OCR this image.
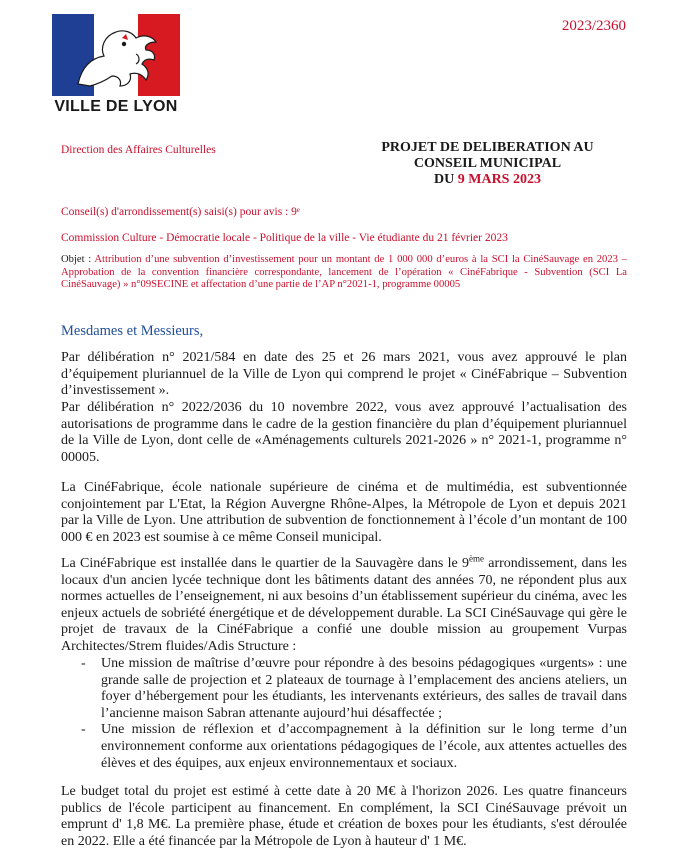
VILLE DE LYON
2023/2360
Direction des Affaires Culturelles	PROJET DE DELIBERATION AU
CONSEIL MUNICIPAL
DU 9 MARS 2023
Conseil(s) d'arrondissement(s) saisi(s) pour avis : 9ᵉ
Commission Culture - Démocratie locale - Politique de la ville - Vie étudiante du 21 février 2023
Objet : Attribution d’une subvention d’investissement pour un montant de 1 000 000 d’euros à la SCI la CinéSauvage en 2023 – Approbation de la convention financière correspondante, lancement de l’opération « CinéFabrique - Subvention (SCI La CinéSauvage) » n°09SECINE et affectation d’une partie de l’AP n°2021-1, programme 00005
Mesdames et Messieurs,

Par délibération n° 2021/584 en date des 25 et 26 mars 2021, vous avez approuvé le plan d’équipement pluriannuel de la Ville de Lyon qui comprend le projet « CinéFabrique – Subvention d’investissement ».

Par délibération n° 2022/2036 du 10 novembre 2022, vous avez approuvé l’actualisation des autorisations de programme dans le cadre de la gestion financière du plan d’équipement pluriannuel de la Ville de Lyon, dont celle de «Aménagements culturels 2021-2026 » n° 2021-1, programme n° 00005.

La CinéFabrique, école nationale supérieure de cinéma et de multimédia, est subventionnée conjointement par L'Etat, la Région Auvergne Rhône-Alpes, la Métropole de Lyon et depuis 2021 par la Ville de Lyon. Une attribution de subvention de fonctionnement à l’école d’un montant de 100 000 € en 2023 est soumise à ce même Conseil municipal.

La CinéFabrique est installée dans le quartier de la Sauvagère dans le 9ème arrondissement, dans les locaux d'un ancien lycée technique dont les bâtiments datant des années 70, ne répondent plus aux normes actuelles de l’enseignement, ni aux besoins d’un établissement supérieur du cinéma, avec les enjeux actuels de sobriété énergétique et de développement durable. La SCI CinéSauvage qui gère le projet de travaux de la CinéFabrique a confié une double mission au groupement Vurpas Architectes/Strem fluides/Adis Structure :

- Une mission de maîtrise d’œuvre pour répondre à des besoins pédagogiques «urgents» : une grande salle de projection et 2 plateaux de tournage à l’emplacement des anciens ateliers, un foyer d’hébergement pour les étudiants, les intervenants extérieurs, des salles de travail dans l’ancienne maison Sabran attenante aujourd’hui désaffectée ;
- Une mission de réflexion et d’accompagnement à la définition sur le long terme d’un environnement conforme aux orientations pédagogiques de l’école, aux attentes actuelles des élèves et des équipes, aux enjeux environnementaux et sociaux.

Le budget total du projet est estimé à cette date à 20 M€ à l'horizon 2026. Les quatre financeurs publics de l'école participent au financement. En complément, la SCI CinéSauvage prévoit un emprunt d' 1,8 M€. La première phase, étude et création de boxes pour les étudiants, s'est déroulée en 2022. Elle a été financée par la Métropole de Lyon à hauteur d' 1 M€.
